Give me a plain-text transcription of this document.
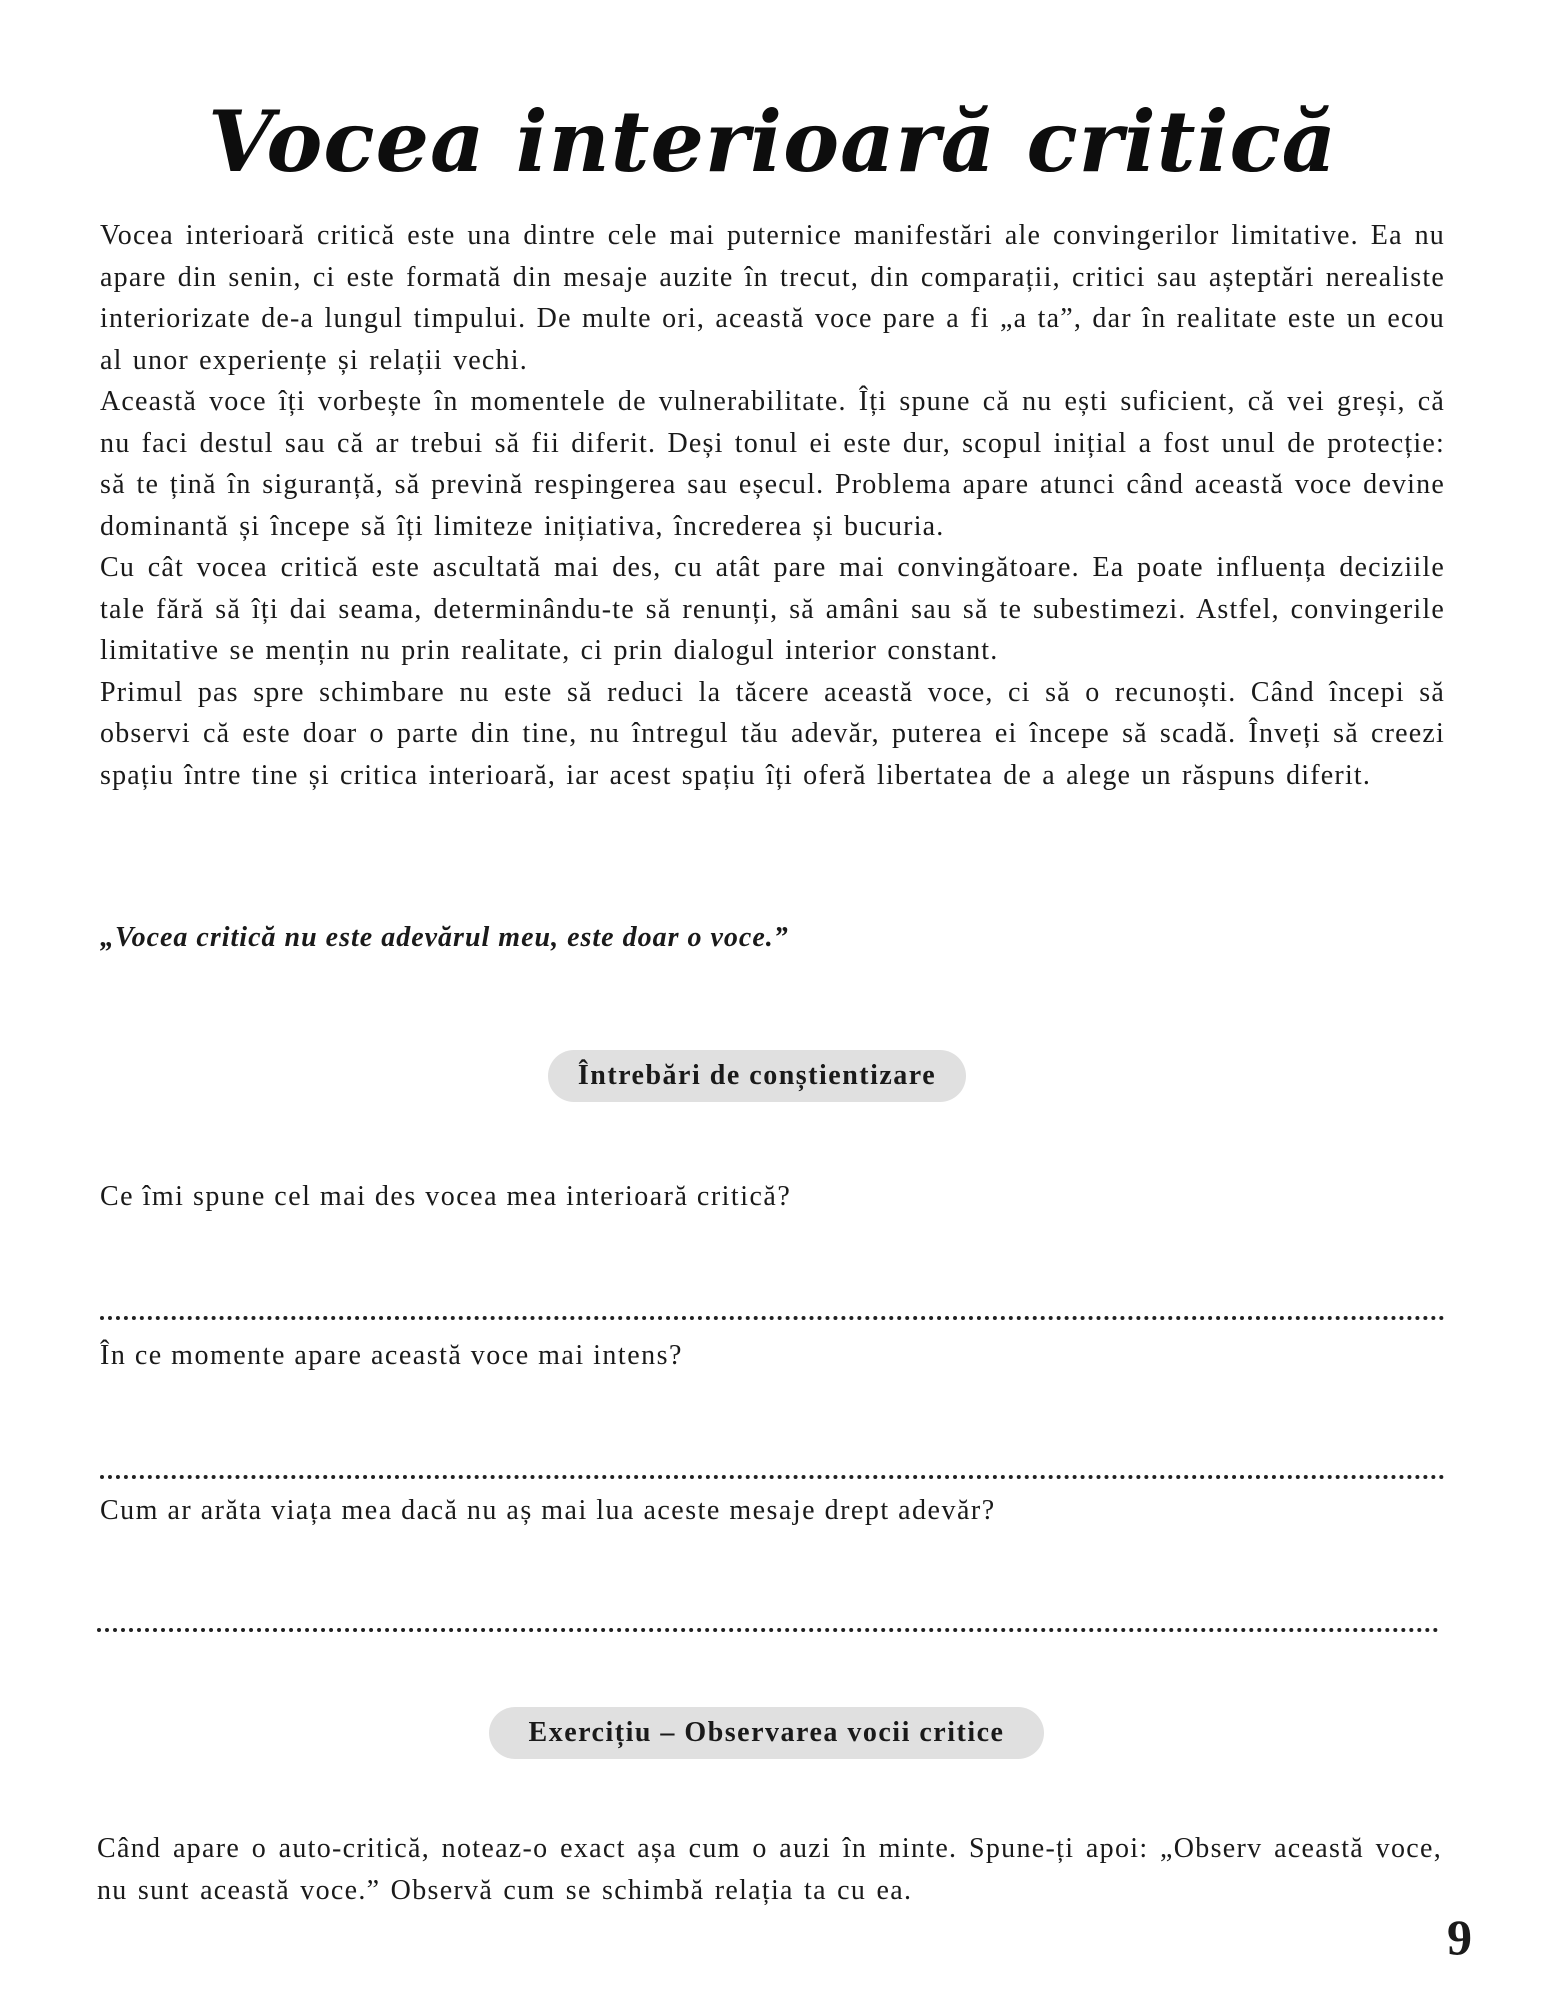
Vocea interioară critică

Vocea interioară critică este una dintre cele mai puternice manifestări ale convingerilor limitative. Ea nu apare din senin, ci este formată din mesaje auzite în trecut, din comparații, critici sau așteptări nerealiste interiorizate de-a lungul timpului. De multe ori, această voce pare a fi „a ta”, dar în realitate este un ecou al unor experiențe și relații vechi.

Această voce îți vorbește în momentele de vulnerabilitate. Îți spune că nu ești suficient, că vei greși, că nu faci destul sau că ar trebui să fii diferit. Deși tonul ei este dur, scopul inițial a fost unul de protecție: să te țină în siguranță, să prevină respingerea sau eșecul. Problema apare atunci când această voce devine dominantă și începe să îți limiteze inițiativa, încrederea și bucuria.

Cu cât vocea critică este ascultată mai des, cu atât pare mai convingătoare. Ea poate influența deciziile tale fără să îți dai seama, determinându-te să renunți, să amâni sau să te subestimezi. Astfel, convingerile limitative se mențin nu prin realitate, ci prin dialogul interior constant.

Primul pas spre schimbare nu este să reduci la tăcere această voce, ci să o recunoști. Când începi să observi că este doar o parte din tine, nu întregul tău adevăr, puterea ei începe să scadă. Înveți să creezi spațiu între tine și critica interioară, iar acest spațiu îți oferă libertatea de a alege un răspuns diferit.

„Vocea critică nu este adevărul meu, este doar o voce.”

Întrebări de conștientizare

Ce îmi spune cel mai des vocea mea interioară critică?

În ce momente apare această voce mai intens?

Cum ar arăta viața mea dacă nu aș mai lua aceste mesaje drept adevăr?

Exercițiu – Observarea vocii critice

Când apare o auto-critică, noteaz-o exact așa cum o auzi în minte. Spune-ți apoi: „Observ această voce, nu sunt această voce.” Observă cum se schimbă relația ta cu ea.

9
